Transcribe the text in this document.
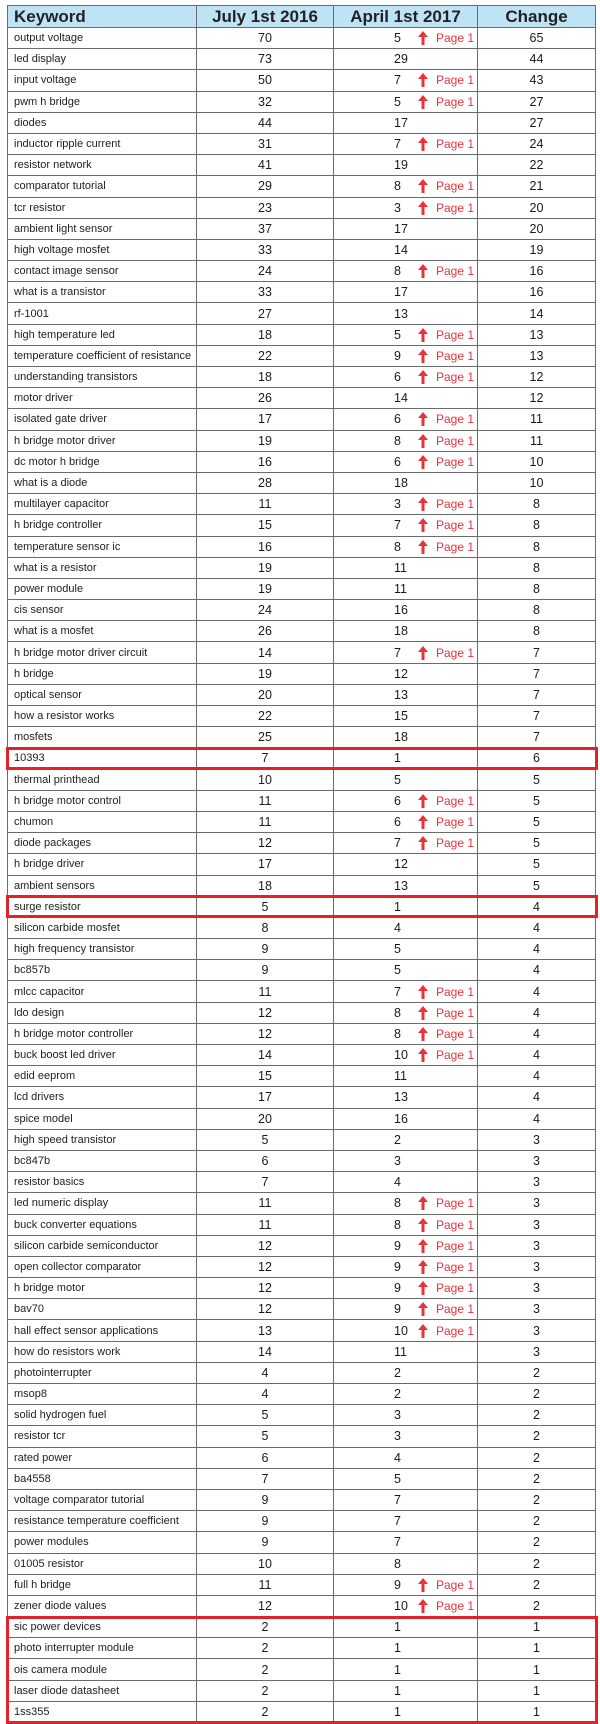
Keyword	July 1st 2016	April 1st 2017	Change
output voltage	70	5 Page 1	65
led display	73	29	44
input voltage	50	7 Page 1	43
pwm h bridge	32	5 Page 1	27
diodes	44	17	27
inductor ripple current	31	7 Page 1	24
resistor network	41	19	22
comparator tutorial	29	8 Page 1	21
tcr resistor	23	3 Page 1	20
ambient light sensor	37	17	20
high voltage mosfet	33	14	19
contact image sensor	24	8 Page 1	16
what is a transistor	33	17	16
rf-1001	27	13	14
high temperature led	18	5 Page 1	13
temperature coefficient of resistance	22	9 Page 1	13
understanding transistors	18	6 Page 1	12
motor driver	26	14	12
isolated gate driver	17	6 Page 1	11
h bridge motor driver	19	8 Page 1	11
dc motor h bridge	16	6 Page 1	10
what is a diode	28	18	10
multilayer capacitor	11	3 Page 1	8
h bridge controller	15	7 Page 1	8
temperature sensor ic	16	8 Page 1	8
what is a resistor	19	11	8
power module	19	11	8
cis sensor	24	16	8
what is a mosfet	26	18	8
h bridge motor driver circuit	14	7 Page 1	7
h bridge	19	12	7
optical sensor	20	13	7
how a resistor works	22	15	7
mosfets	25	18	7
10393	7	1	6
thermal printhead	10	5	5
h bridge motor control	11	6 Page 1	5
chumon	11	6 Page 1	5
diode packages	12	7 Page 1	5
h bridge driver	17	12	5
ambient sensors	18	13	5
surge resistor	5	1	4
silicon carbide mosfet	8	4	4
high frequency transistor	9	5	4
bc857b	9	5	4
mlcc capacitor	11	7 Page 1	4
ldo design	12	8 Page 1	4
h bridge motor controller	12	8 Page 1	4
buck boost led driver	14	10 Page 1	4
edid eeprom	15	11	4
lcd drivers	17	13	4
spice model	20	16	4
high speed transistor	5	2	3
bc847b	6	3	3
resistor basics	7	4	3
led numeric display	11	8 Page 1	3
buck converter equations	11	8 Page 1	3
silicon carbide semiconductor	12	9 Page 1	3
open collector comparator	12	9 Page 1	3
h bridge motor	12	9 Page 1	3
bav70	12	9 Page 1	3
hall effect sensor applications	13	10 Page 1	3
how do resistors work	14	11	3
photointerrupter	4	2	2
msop8	4	2	2
solid hydrogen fuel	5	3	2
resistor tcr	5	3	2
rated power	6	4	2
ba4558	7	5	2
voltage comparator tutorial	9	7	2
resistance temperature coefficient	9	7	2
power modules	9	7	2
01005 resistor	10	8	2
full h bridge	11	9 Page 1	2
zener diode values	12	10 Page 1	2
sic power devices	2	1	1
photo interrupter module	2	1	1
ois camera module	2	1	1
laser diode datasheet	2	1	1
1ss355	2	1	1
